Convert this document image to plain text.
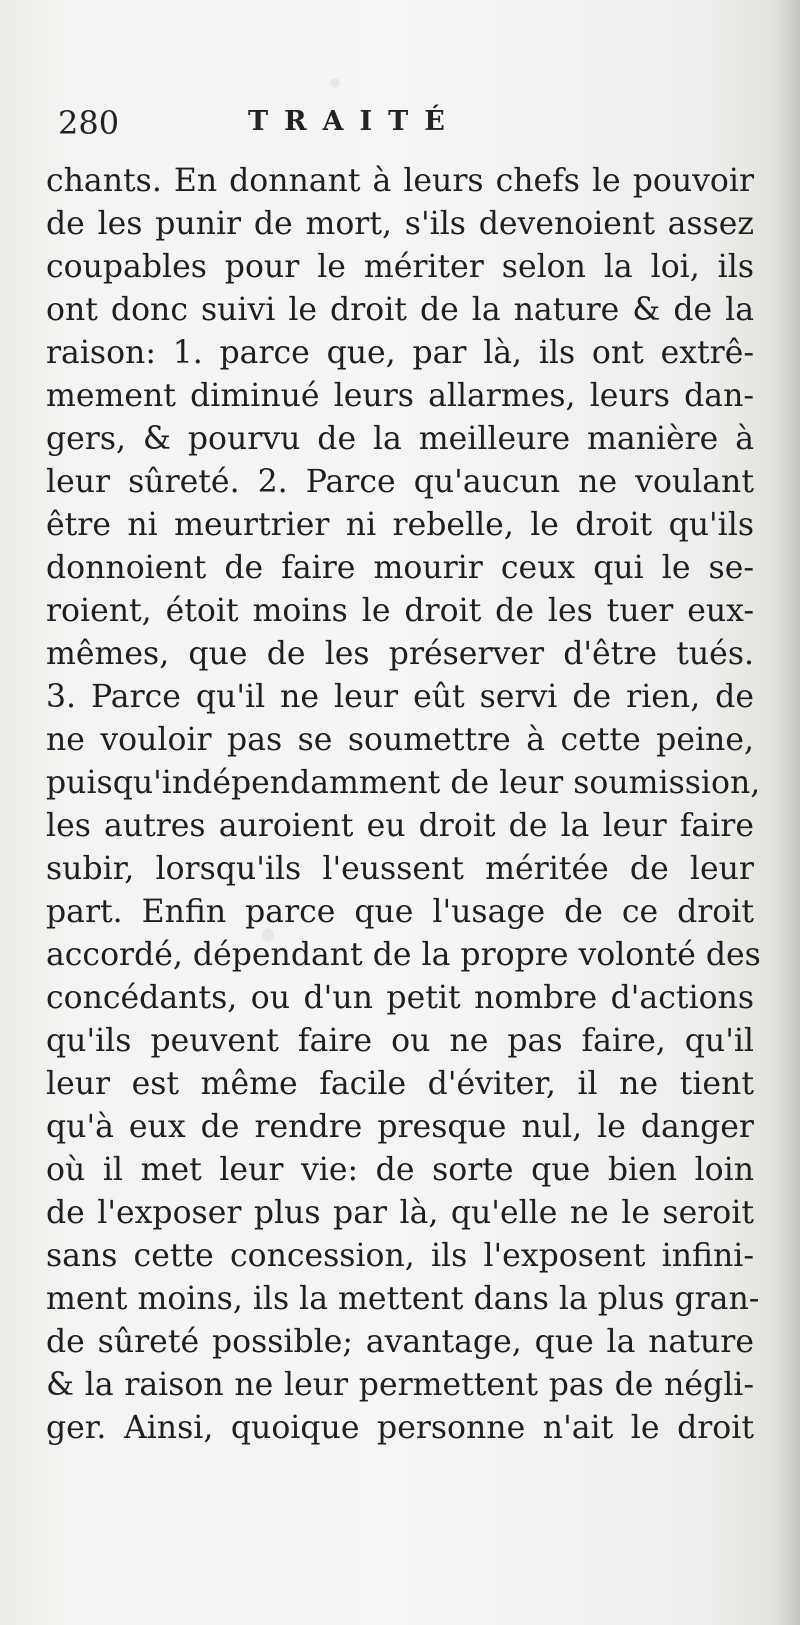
280	TRAITÉ
chants. En donnant à leurs chefs le pouvoir
de les punir de mort, s'ils devenoient assez
coupables pour le mériter selon la loi, ils
ont donc suivi le droit de la nature & de la
raison: 1. parce que, par là, ils ont extrê-
mement diminué leurs allarmes, leurs dan-
gers, & pourvu de la meilleure manière à
leur sûreté. 2. Parce qu'aucun ne voulant
être ni meurtrier ni rebelle, le droit qu'ils
donnoient de faire mourir ceux qui le se-
roient, étoit moins le droit de les tuer eux-
mêmes, que de les préserver d'être tués.
3. Parce qu'il ne leur eût servi de rien, de
ne vouloir pas se soumettre à cette peine,
puisqu'indépendamment de leur soumission,
les autres auroient eu droit de la leur faire
subir, lorsqu'ils l'eussent méritée de leur
part. Enfin parce que l'usage de ce droit
accordé, dépendant de la propre volonté des
concédants, ou d'un petit nombre d'actions
qu'ils peuvent faire ou ne pas faire, qu'il
leur est même facile d'éviter, il ne tient
qu'à eux de rendre presque nul, le danger
où il met leur vie: de sorte que bien loin
de l'exposer plus par là, qu'elle ne le seroit
sans cette concession, ils l'exposent infini-
ment moins, ils la mettent dans la plus gran-
de sûreté possible; avantage, que la nature
& la raison ne leur permettent pas de négli-
ger. Ainsi, quoique personne n'ait le droit
